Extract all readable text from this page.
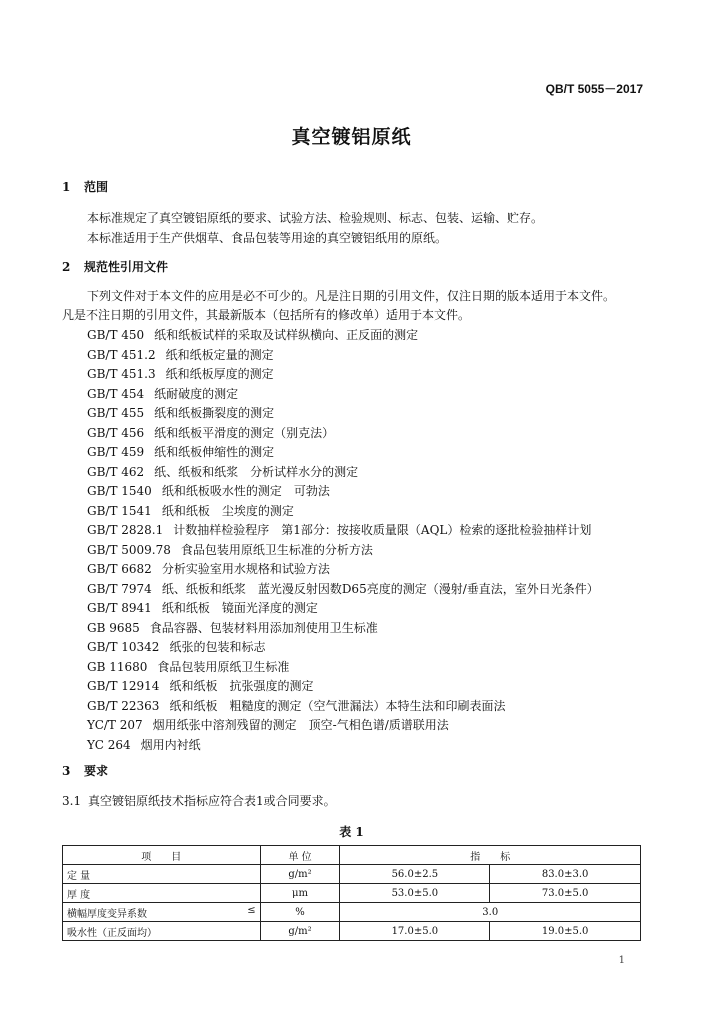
QB/T 5055－2017
真空镀铝原纸
1 范围
本标准规定了真空镀铝原纸的要求、试验方法、检验规则、标志、包装、运输、贮存。
本标准适用于生产供烟草、食品包装等用途的真空镀铝纸用的原纸。
2 规范性引用文件
下列文件对于本文件的应用是必不可少的。凡是注日期的引用文件，仅注日期的版本适用于本文件。
凡是不注日期的引用文件，其最新版本（包括所有的修改单）适用于本文件。
GB/T 450 纸和纸板试样的采取及试样纵横向、正反面的测定
GB/T 451.2 纸和纸板定量的测定
GB/T 451.3 纸和纸板厚度的测定
GB/T 454 纸耐破度的测定
GB/T 455 纸和纸板撕裂度的测定
GB/T 456 纸和纸板平滑度的测定（别克法）
GB/T 459 纸和纸板伸缩性的测定
GB/T 462 纸、纸板和纸浆　分析试样水分的测定
GB/T 1540 纸和纸板吸水性的测定　可勃法
GB/T 1541 纸和纸板　尘埃度的测定
GB/T 2828.1 计数抽样检验程序　第1部分：按接收质量限（AQL）检索的逐批检验抽样计划
GB/T 5009.78 食品包装用原纸卫生标准的分析方法
GB/T 6682 分析实验室用水规格和试验方法
GB/T 7974 纸、纸板和纸浆　蓝光漫反射因数D65亮度的测定（漫射/垂直法，室外日光条件）
GB/T 8941 纸和纸板　镜面光泽度的测定
GB 9685 食品容器、包装材料用添加剂使用卫生标准
GB/T 10342 纸张的包装和标志
GB 11680 食品包装用原纸卫生标准
GB/T 12914 纸和纸板　抗张强度的测定
GB/T 22363 纸和纸板　粗糙度的测定（空气泄漏法）本特生法和印刷表面法
YC/T 207 烟用纸张中溶剂残留的测定　顶空-气相色谱/质谱联用法
YC 264 烟用内衬纸
3 要求
3.1 真空镀铝原纸技术指标应符合表1或合同要求。
表 1
项　　目	单 位	指　　标	
定 量	g/m²	56.0±2.5	83.0±3.0
厚 度	μm	53.0±5.0	73.0±5.0
横幅厚度变异系数 ≤	%	3.0	
吸水性（正反面均）	g/m²	17.0±5.0	19.0±5.0
1
